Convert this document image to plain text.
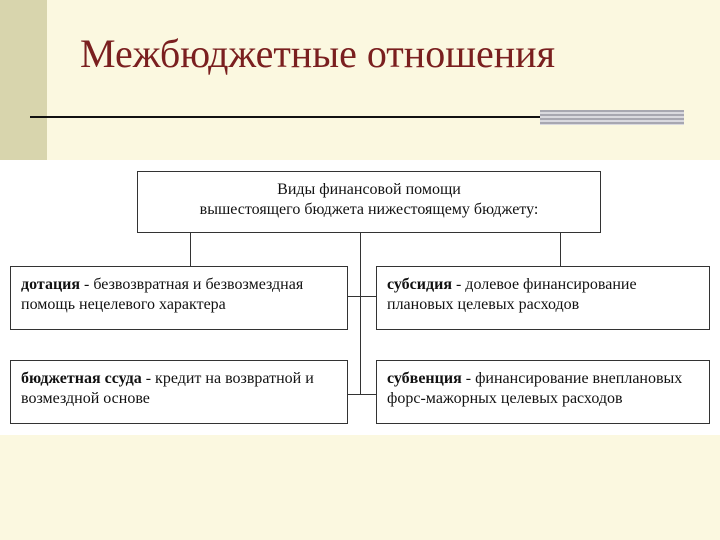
Межбюджетные отношения
Виды финансовой помощи
вышестоящего бюджета нижестоящему бюджету:
дотация - безвозвратная и безвозмездная помощь нецелевого характера
субсидия - долевое финансирование плановых целевых расходов
бюджетная ссуда - кредит на возвратной и возмездной основе
субвенция - финансирование внеплановых форс-мажорных целевых расходов
